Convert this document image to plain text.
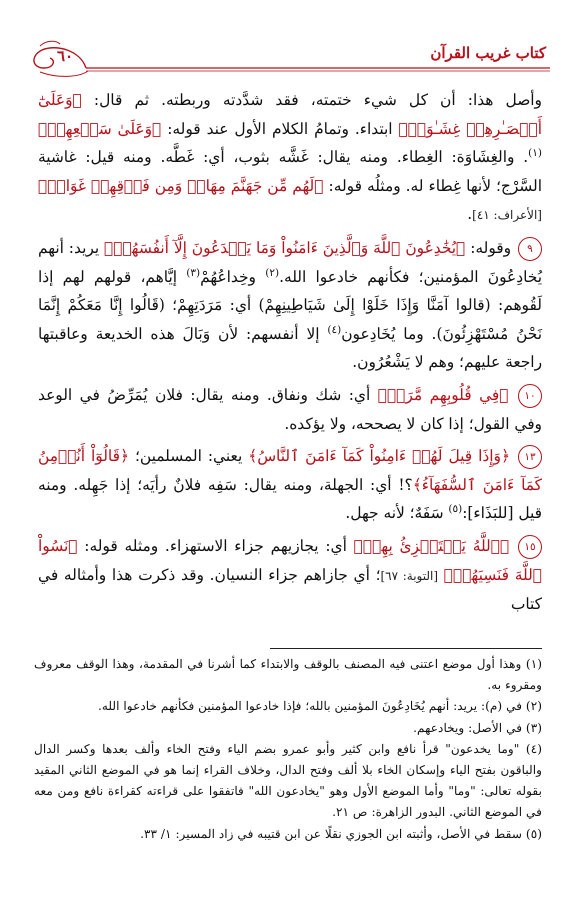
٦٠	كتاب غريب القرآن

وأصل هذا: أن كل شيء ختمته، فقد شدَّدته وربطته. ثم قال: ﴿وَعَلَىٰٓ أَبۡصَـٰرِهِمۡ غِشَـٰوَةٞ﴾ ابتداء. وتمامُ الكلام الأول عند قوله: ﴿وَعَلَىٰ سَمۡعِهِمۡ﴾$^{(١)}$. والغِشَاوَة: الغِطاء. ومنه يقال: غَشَّه بثوب، أي: غَطَّه. ومنه قيل: غاشية السَّرْج؛ لأنها غِطاء له. ومثلُه قوله: ﴿لَهُم مِّن جَهَنَّمَ مِهَادٞ وَمِن فَوۡقِهِمۡ غَوَاشٖ﴾ [الأعراف: ٤١].

٩ وقوله: ﴿يُخَٰدِعُونَ ٱللَّهَ وَٱلَّذِينَ ءَامَنُواْ وَمَا يَخۡدَعُونَ إِلَّآ أَنفُسَهُمۡ﴾ يريد: أنهم يُخادِعُونَ المؤمنين؛ فكأنهم خادعوا الله.$^{(٢)}$ وخِداعُهُمْ$^{(٣)}$ إيَّاهم، قولهم لهم إذا لَقُوهم: (قالوا آمَنَّا وَإِذَا خَلَوْا إِلَىٰ شَيَاطِينِهِمْ) أي: مَرَدَتِهِمْ؛ (قَالُوا إِنَّا مَعَكُمْ إِنَّمَا نَحْنُ مُسْتَهْزِئُونَ). وما يُخَادِعون$^{(٤)}$ إلا أنفسهم: لأن وَبَالَ هذه الخديعة وعاقبتها راجعة عليهم؛ وهم لا يَشْعُرُون.

١٠ ﴿فِي قُلُوبِهِم مَّرَضٞ﴾ أي: شك ونفاق. ومنه يقال: فلان يُمَرِّضُ في الوعد وفي القول؛ إذا كان لا يصححه، ولا يؤكده.

١٣ ﴿وَإِذَا قِيلَ لَهُمۡ ءَامِنُواْ كَمَآ ءَامَنَ ٱلنَّاسُ﴾ يعني: المسلمين؛ ﴿قَالُوٓاْ أَنُؤۡمِنُ كَمَآ ءَامَنَ ٱلسُّفَهَآءُ﴾؟! أي: الجهلة، ومنه يقال: سَفِه فلانٌ رأيَه؛ إذا جَهِله. ومنه قيل [للبَذَاء]:$^{(٥)}$ سَفَهٌ؛ لأنه جهل.

١٥ ﴿ٱللَّهُ يَسۡتَهۡزِئُ بِهِمۡ﴾ أي: يجازيهم جزاء الاستهزاء. ومثله قوله: ﴿نَسُواْ ٱللَّهَ فَنَسِيَهُمۡ﴾ [التوبة: ٦٧]؛ أي جازاهم جزاء النسيان. وقد ذكرت هذا وأمثاله في كتاب

(١) وهذا أول موضع اعتنى فيه المصنف بالوقف والابتداء كما أشرنا في المقدمة، وهذا الوقف معروف ومقروء به.

(٢) في (م): يريد: أنهم يُخَادِعُونَ المؤمنين بالله؛ فإذا خادعوا المؤمنين فكأنهم خادعوا الله.

(٣) في الأصل: ويخادعهم.

(٤) "وما يخدعون" قرأ نافع وابن كثير وأبو عمرو بضم الياء وفتح الخاء وألف بعدها وكسر الدال والباقون بفتح الياء وإسكان الخاء بلا ألف وفتح الدال، وخلاف القراء إنما هو في الموضع الثاني المقيد بقوله تعالى: "وما" وأما الموضع الأول وهو "يخادعون الله" فاتفقوا على قراءته كقراءة نافع ومن معه في الموضع الثاني. البدور الزاهرة: ص ٢١.

(٥) سقط في الأصل، وأثبته ابن الجوزي نقلًا عن ابن قتيبه في زاد المسير: ١/ ٣٣.
